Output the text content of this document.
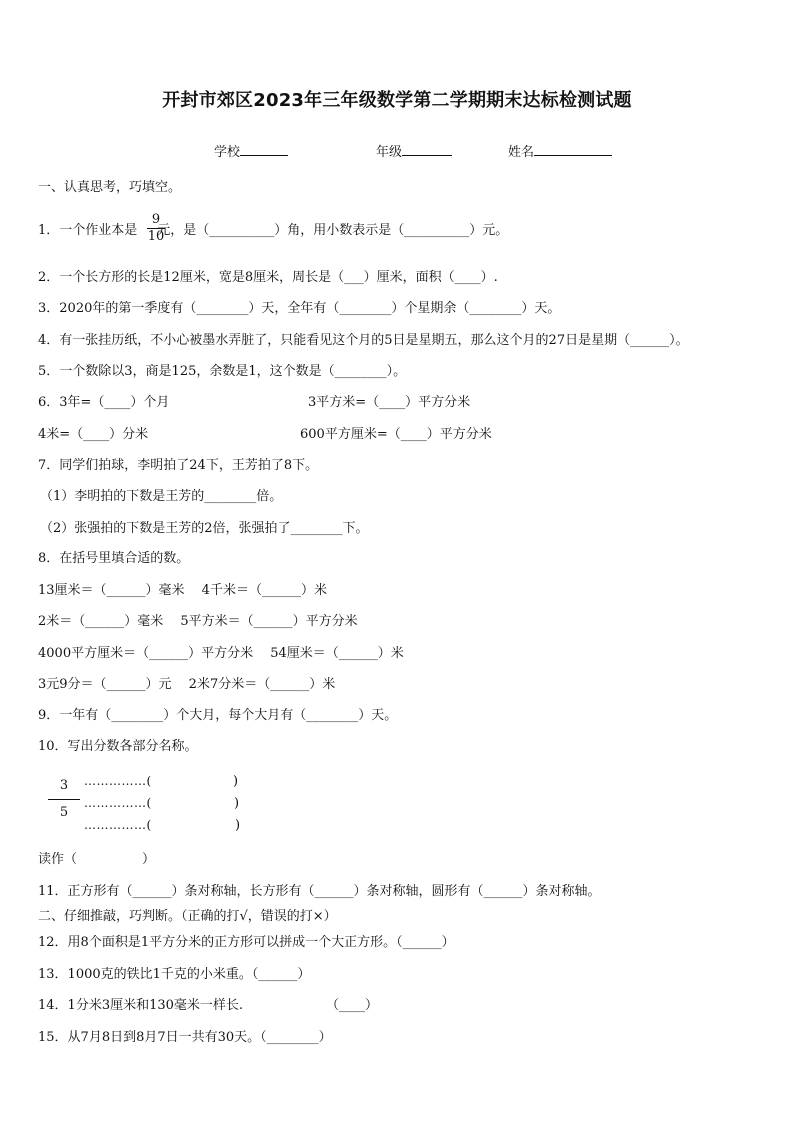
开封市郊区2023年三年级数学第二学期期末达标检测试题
学校	年级	姓名
一、认真思考，巧填空。
1．一个作业本是 元，是（__________）角，用小数表示是（__________）元。
9
10
2．一个长方形的长是12厘米，宽是8厘米，周长是（___）厘米，面积（____）.
3．2020年的第一季度有（________）天，全年有（________）个星期余（________）天。
4．有一张挂历纸，不小心被墨水弄脏了，只能看见这个月的5日是星期五，那么这个月的27日是星期（______）。
5．一个数除以3，商是125，余数是1，这个数是（________）。
6．3年=（____）个月	3平方米=（____）平方分米
4米=（____）分米	600平方厘米=（____）平方分米
7．同学们拍球，李明拍了24下，王芳拍了8下。
（1）李明拍的下数是王芳的________倍。
（2）张强拍的下数是王芳的2倍，张强拍了________下。
8．在括号里填合适的数。
13厘米＝（______）毫米　 4千米＝（______）米
2米＝（______）毫米　 5平方米＝（______）平方分米
4000平方厘米＝（______）平方分米　 54厘米＝（______）米
3元9分＝（______）元　 2米7分米＝（______）米
9．一年有（________）个大月，每个大月有（________）天。
10．写出分数各部分名称。
3
5
……………(
……………(
……………(
)
)
)
读作（　　　　　）
11．正方形有（______）条对称轴，长方形有（______）条对称轴，圆形有（______）条对称轴。
二、仔细推敲，巧判断。（正确的打√，错误的打×）
12．用8个面积是1平方分米的正方形可以拼成一个大正方形。（______）
13．1000克的铁比1千克的小米重。（______）
14．1分米3厘米和130毫米一样长.	（____）
15．从7月8日到8月7日一共有30天。（________）
